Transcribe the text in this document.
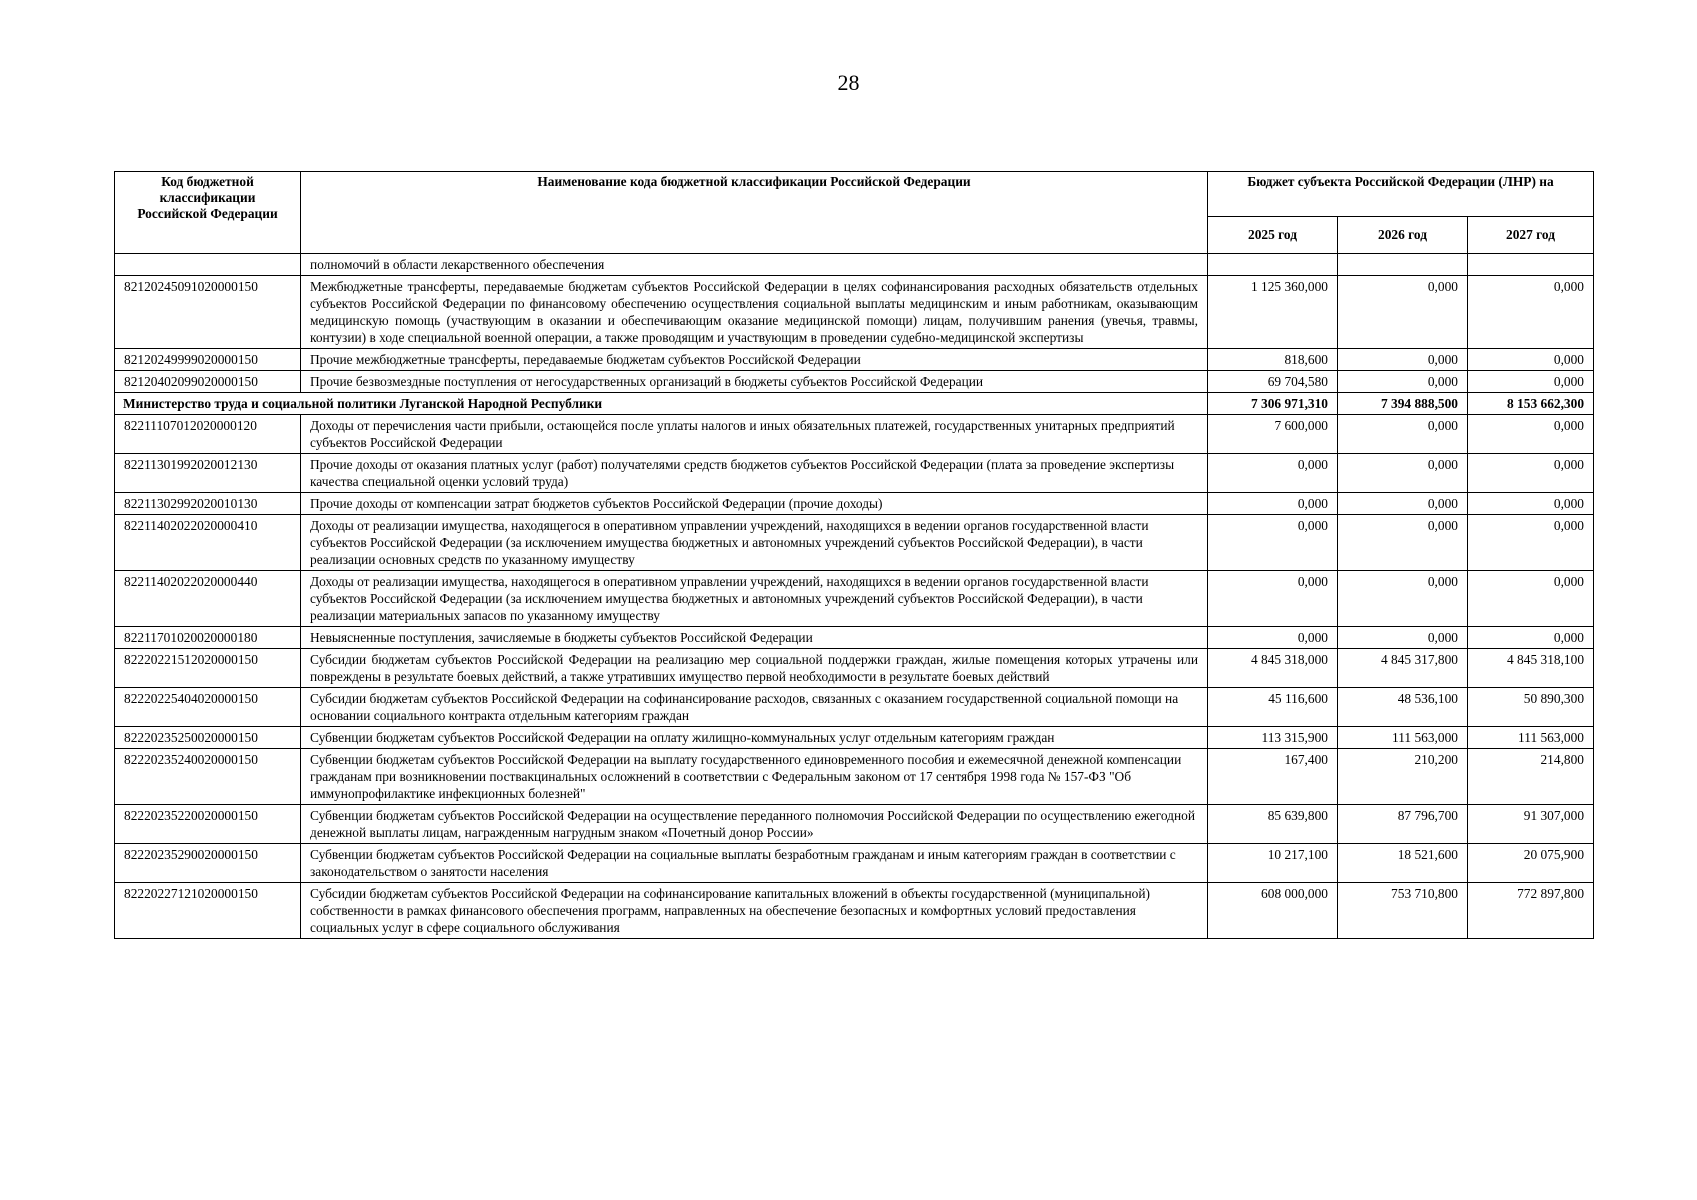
28
Код бюджетной классификации Российской Федерации	Наименование кода бюджетной классификации Российской Федерации	Бюджет субъекта Российской Федерации (ЛНР) на		
		2025 год	2026 год	2027 год
	полномочий в области лекарственного обеспечения			
82120245091020000150	Межбюджетные трансферты, передаваемые бюджетам субъектов Российской Федерации в целях софинансирования расходных обязательств отдельных субъектов Российской Федерации по финансовому обеспечению осуществления социальной выплаты медицинским и иным работникам, оказывающим медицинскую помощь (участвующим в оказании и обеспечивающим оказание медицинской помощи) лицам, получившим ранения (увечья, травмы, контузии) в ходе специальной военной операции, а также проводящим и участвующим в проведении судебно-медицинской экспертизы	1 125 360,000	0,000	0,000
82120249999020000150	Прочие межбюджетные трансферты, передаваемые бюджетам субъектов Российской Федерации	818,600	0,000	0,000
82120402099020000150	Прочие безвозмездные поступления от негосударственных организаций в бюджеты субъектов Российской Федерации	69 704,580	0,000	0,000
Министерство труда и социальной политики Луганской Народной Республики		7 306 971,310	7 394 888,500	8 153 662,300
82211107012020000120	Доходы от перечисления части прибыли, остающейся после уплаты налогов и иных обязательных платежей, государственных унитарных предприятий субъектов Российской Федерации	7 600,000	0,000	0,000
82211301992020012130	Прочие доходы от оказания платных услуг (работ) получателями средств бюджетов субъектов Российской Федерации (плата за проведение экспертизы качества специальной оценки условий труда)	0,000	0,000	0,000
82211302992020010130	Прочие доходы от компенсации затрат бюджетов субъектов Российской Федерации (прочие доходы)	0,000	0,000	0,000
82211402022020000410	Доходы от реализации имущества, находящегося в оперативном управлении учреждений, находящихся в ведении органов государственной власти субъектов Российской Федерации (за исключением имущества бюджетных и автономных учреждений субъектов Российской Федерации), в части реализации основных средств по указанному имуществу	0,000	0,000	0,000
82211402022020000440	Доходы от реализации имущества, находящегося в оперативном управлении учреждений, находящихся в ведении органов государственной власти субъектов Российской Федерации (за исключением имущества бюджетных и автономных учреждений субъектов Российской Федерации), в части реализации материальных запасов по указанному имуществу	0,000	0,000	0,000
82211701020020000180	Невыясненные поступления, зачисляемые в бюджеты субъектов Российской Федерации	0,000	0,000	0,000
82220221512020000150	Субсидии бюджетам субъектов Российской Федерации на реализацию мер социальной поддержки граждан, жилые помещения которых утрачены или повреждены в результате боевых действий, а также утративших имущество первой необходимости в результате боевых действий	4 845 318,000	4 845 317,800	4 845 318,100
82220225404020000150	Субсидии бюджетам субъектов Российской Федерации на софинансирование расходов, связанных с оказанием государственной социальной помощи на основании социального контракта отдельным категориям граждан	45 116,600	48 536,100	50 890,300
82220235250020000150	Субвенции бюджетам субъектов Российской Федерации на оплату жилищно-коммунальных услуг отдельным категориям граждан	113 315,900	111 563,000	111 563,000
82220235240020000150	Субвенции бюджетам субъектов Российской Федерации на выплату государственного единовременного пособия и ежемесячной денежной компенсации гражданам при возникновении поствакцинальных осложнений в соответствии с Федеральным законом от 17 сентября 1998 года № 157-ФЗ "Об иммунопрофилактике инфекционных болезней"	167,400	210,200	214,800
82220235220020000150	Субвенции бюджетам субъектов Российской Федерации на осуществление переданного полномочия Российской Федерации по осуществлению ежегодной денежной выплаты лицам, награжденным нагрудным знаком «Почетный донор России»	85 639,800	87 796,700	91 307,000
82220235290020000150	Субвенции бюджетам субъектов Российской Федерации на социальные выплаты безработным гражданам и иным категориям граждан в соответствии с законодательством о занятости населения	10 217,100	18 521,600	20 075,900
82220227121020000150	Субсидии бюджетам субъектов Российской Федерации на софинансирование капитальных вложений в объекты государственной (муниципальной) собственности в рамках финансового обеспечения программ, направленных на обеспечение безопасных и комфортных условий предоставления социальных услуг в сфере социального обслуживания	608 000,000	753 710,800	772 897,800
